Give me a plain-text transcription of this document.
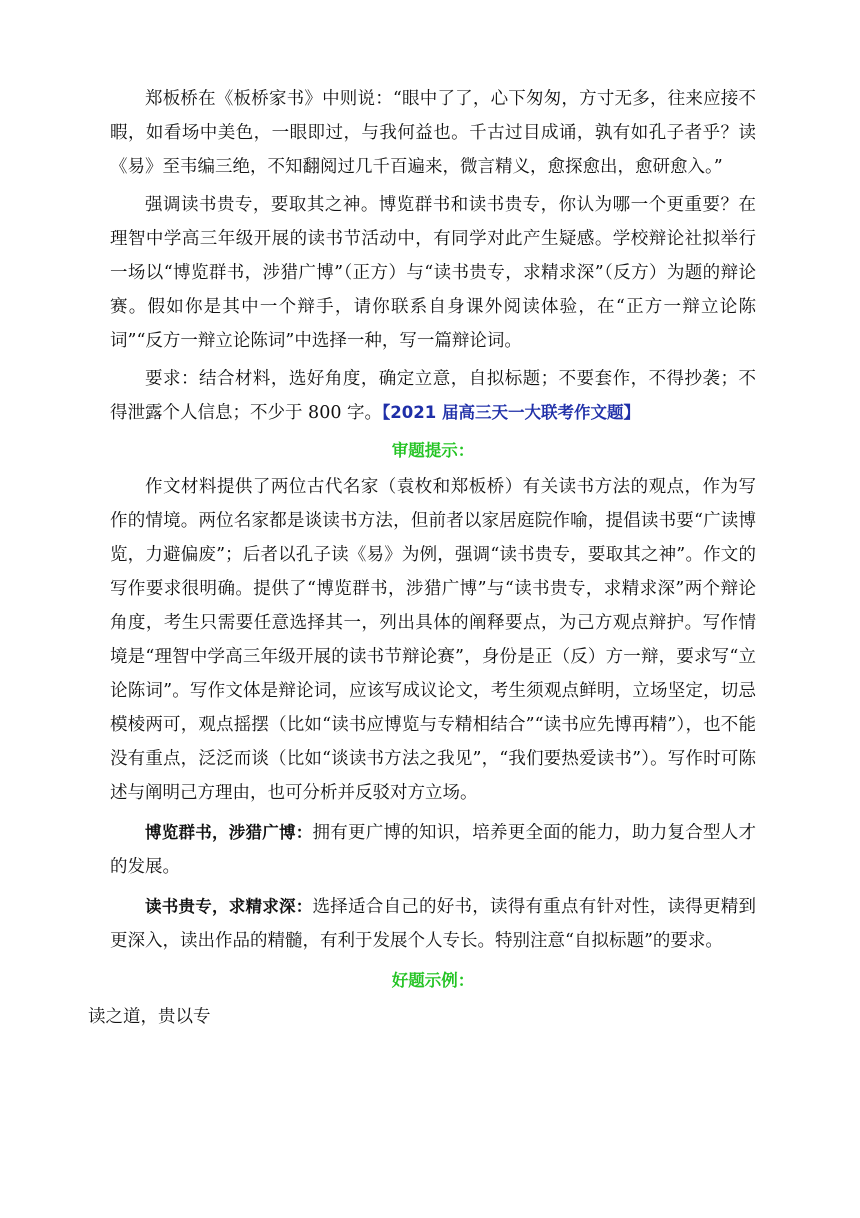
郑板桥在《板桥家书》中则说：“眼中了了，心下匆匆，方寸无多，往来应接不暇，如看场中美色，一眼即过，与我何益也。千古过目成诵，孰有如孔子者乎？读《易》至韦编三绝，不知翻阅过几千百遍来，微言精义，愈探愈出，愈研愈入。”

强调读书贵专，要取其之神。博览群书和读书贵专，你认为哪一个更重要？在理智中学高三年级开展的读书节活动中，有同学对此产生疑感。学校辩论社拟举行一场以“博览群书，涉猎广博”（正方）与“读书贵专，求精求深”（反方）为题的辩论赛。假如你是其中一个辩手，请你联系自身课外阅读体验，在“正方一辩立论陈词”“反方一辩立论陈词”中选择一种，写一篇辩论词。

要求：结合材料，选好角度，确定立意，自拟标题；不要套作，不得抄袭；不得泄露个人信息；不少于 800 字。【2021 届高三天一大联考作文题】

审题提示：

作文材料提供了两位古代名家（袁枚和郑板桥）有关读书方法的观点，作为写作的情境。两位名家都是谈读书方法，但前者以家居庭院作喻，提倡读书要“广读博览，力避偏废”；后者以孔子读《易》为例，强调“读书贵专，要取其之神”。作文的写作要求很明确。提供了“博览群书，涉猎广博”与“读书贵专，求精求深”两个辩论角度，考生只需要任意选择其一，列出具体的阐释要点，为己方观点辩护。写作情境是“理智中学高三年级开展的读书节辩论赛”，身份是正（反）方一辩，要求写“立论陈词”。写作文体是辩论词，应该写成议论文，考生须观点鲜明，立场坚定，切忌模棱两可，观点摇摆（比如“读书应博览与专精相结合”“读书应先博再精”），也不能没有重点，泛泛而谈（比如“谈读书方法之我见”，“我们要热爱读书”）。写作时可陈述与阐明己方理由，也可分析并反驳对方立场。

博览群书，涉猎广博：拥有更广博的知识，培养更全面的能力，助力复合型人才的发展。

读书贵专，求精求深：选择适合自己的好书，读得有重点有针对性，读得更精到更深入，读出作品的精髓，有利于发展个人专长。特别注意“自拟标题”的要求。

好题示例：

读之道，贵以专
